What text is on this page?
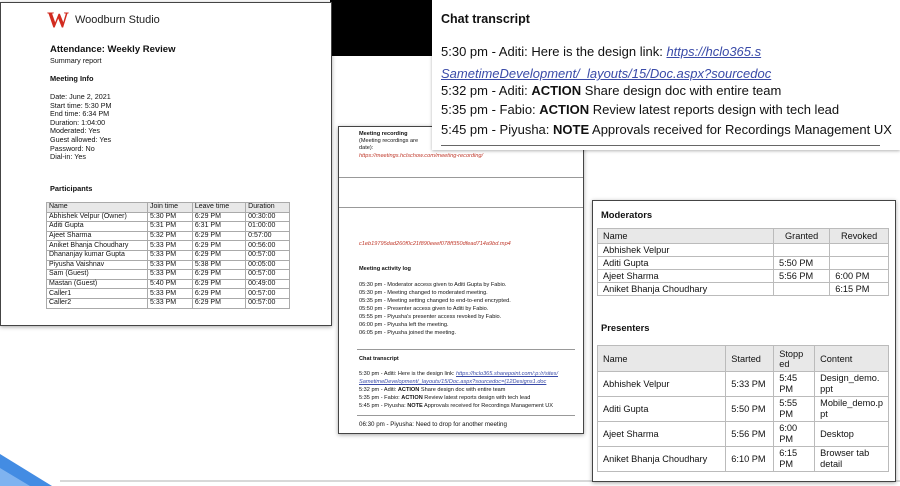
W Woodburn Studio
Attendance: Weekly Review
Summary report
Meeting Info
Date: June 2, 2021
Start time: 5:30 PM
End time: 6:34 PM
Duration: 1:04:00
Moderated: Yes
Guest allowed: Yes
Password: No
Dial-in: Yes
Participants
Name	Join time	Leave time	Duration
Abhishek Velpur (Owner)	5:30 PM	6:29 PM	00:30:00
Aditi Gupta	5:31 PM	6:31 PM	01:00:00
Ajeet Sharma	5:32 PM	6:29 PM	0:57:00
Aniket Bhanja Choudhary	5:33 PM	6:29 PM	00:56:00
Dhananjay kumar Gupta	5:33 PM	6:29 PM	00:57:00
Piyusha Vaishnav	5:33 PM	5:38 PM	00:05:00
Sam (Guest)	5:33 PM	6:29 PM	00:57:00
Mastan (Guest)	5:40 PM	6:29 PM	00:49:00
Caller1	5:33 PM	6:29 PM	00:57:00
Caller2	5:33 PM	6:29 PM	00:57:00
Meeting recording
(Meeting recordings are
date):
https://meetings.hclschow.com/meeting-recording/
c1eb19795dad260f0c21f890eeef078ff350dfead714a9bd.mp4
Meeting activity log
05:30 pm - Moderator access given to Aditi Gupta by Fabio.
05:30 pm - Meeting changed to moderated meeting.
05:35 pm - Meeting setting changed to end-to-end encrypted.
05:50 pm - Presenter access given to Aditi by Fabio.
05:55 pm - Piyusha's presenter access revoked by Fabio.
06:00 pm - Piyusha left the meeting.
06:05 pm - Piyusha joined the meeting.
Chat transcript
5:30 pm - Aditi: Here is the design link: https://hclo365.sharepoint.com/:p:/r/sites/
SametimeDevelopment/_layouts/15/Doc.aspx?sourcedoc={12Designs1.doc
5:32 pm - Aditi: ACTION Share design doc with entire team
5:35 pm - Fabio: ACTION Review latest reports design with tech lead
5:45 pm - Piyusha: NOTE Approvals received for Recordings Management UX
06:30 pm - Piyusha: Need to drop for another meeting
Chat transcript
5:30 pm - Aditi: Here is the design link: https://hclo365.s
SametimeDevelopment/_layouts/15/Doc.aspx?sourcedoc
5:32 pm - Aditi: ACTION Share design doc with entire team
5:35 pm - Fabio: ACTION Review latest reports design with tech lead
5:45 pm - Piyusha: NOTE Approvals received for Recordings Management UX
Moderators
Name	Granted	Revoked
Abhishek Velpur		
Aditi Gupta	5:50 PM	
Ajeet Sharma	5:56 PM	6:00 PM
Aniket Bhanja Choudhary		6:15 PM
Presenters
Name	Started	Stopp ed	Content
Abhishek Velpur	5:33 PM	5:45 PM	Design_demo. ppt
Aditi Gupta	5:50 PM	5:55 PM	Mobile_demo.p pt
Ajeet Sharma	5:56 PM	6:00 PM	Desktop
Aniket Bhanja Choudhary	6:10 PM	6:15 PM	Browser tab detail
